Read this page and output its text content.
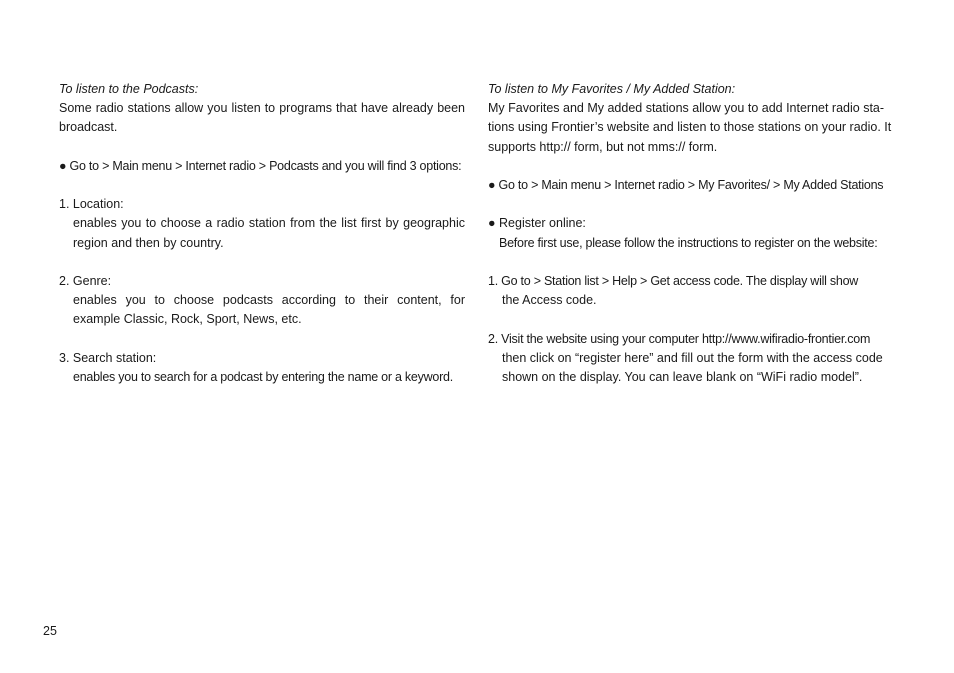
To listen to the Podcasts:

Some radio stations allow you listen to programs that have already been broadcast.

● Go to > Main menu > Internet radio > Podcasts and you will find 3 options:

1. Location:

enables you to choose a radio station from the list first by geographic region and then by country.

2. Genre:

enables you to choose podcasts according to their content, for example Classic, Rock, Sport, News, etc.

3. Search station:

enables you to search for a podcast by entering the name or a keyword.

To listen to My Favorites / My Added Station:

My Favorites and My added stations allow you to add Internet radio sta-tions using Frontier’s website and listen to those stations on your radio. It supports http:// form, but not mms:// form.

● Go to > Main menu > Internet radio > My Favorites/ > My Added Stations

● Register online:

Before first use, please follow the instructions to register on the website:

1. Go to > Station list > Help > Get access code. The display will show

the Access code.

2. Visit the website using your computer http://www.wifiradio-frontier.com

then click on “register here” and fill out the form with the access code shown on the display. You can leave blank on “WiFi radio model”.

25
